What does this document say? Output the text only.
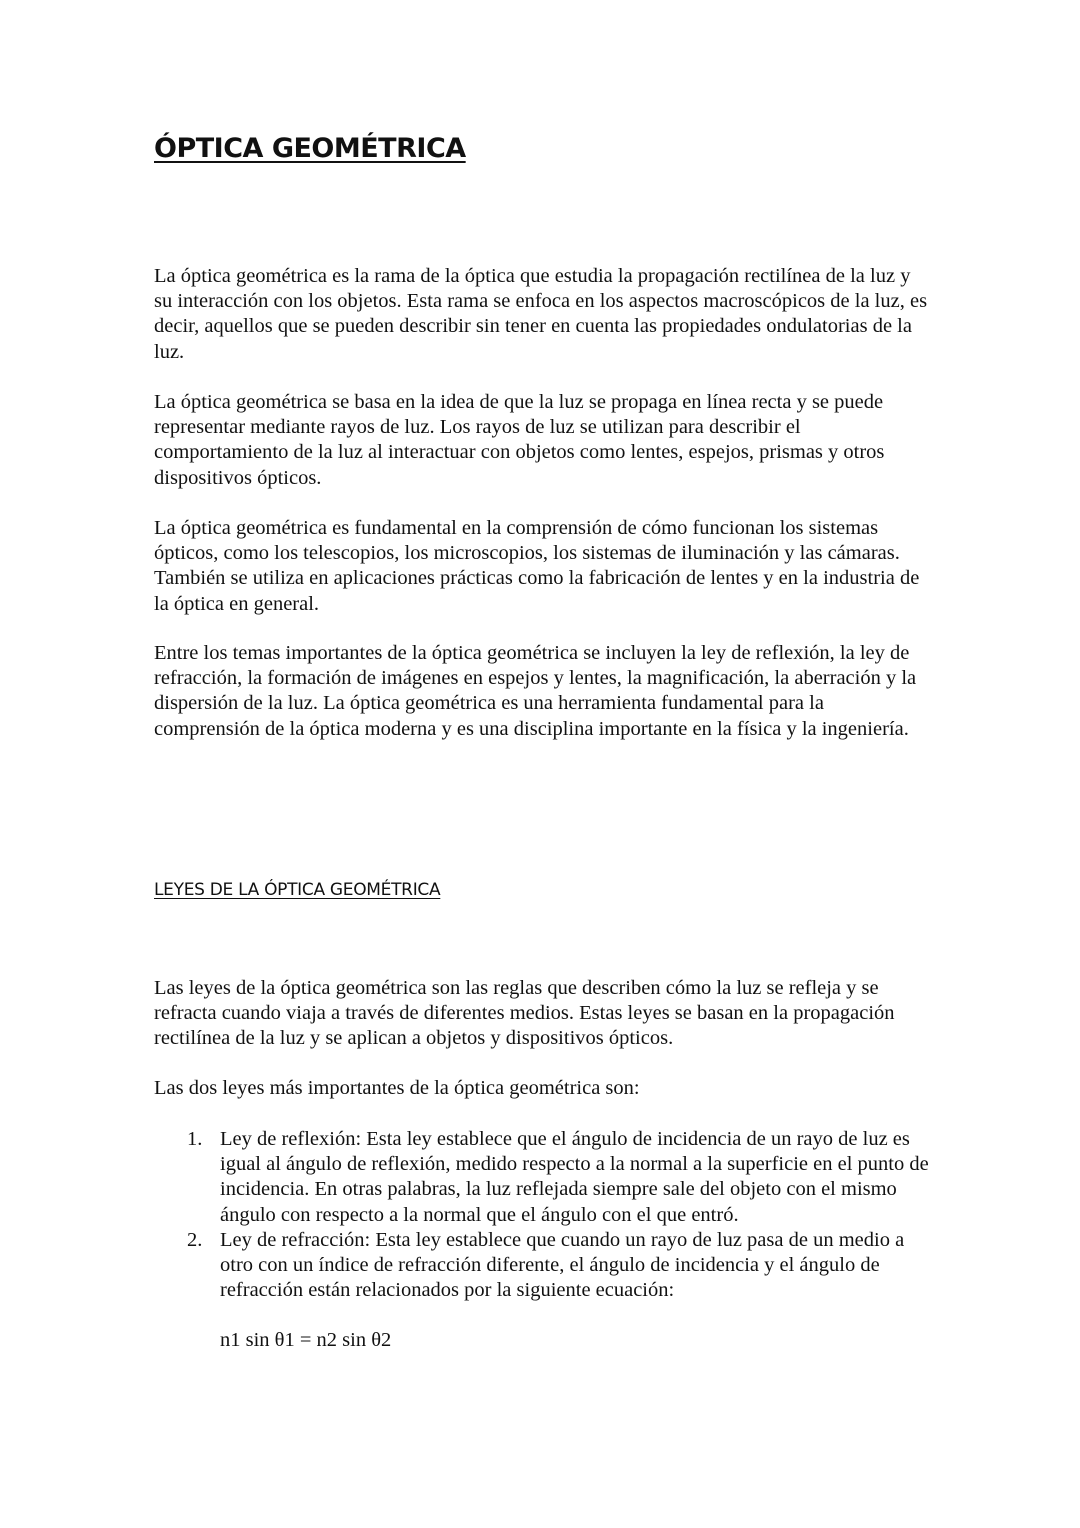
ÓPTICA GEOMÉTRICA

La óptica geométrica es la rama de la óptica que estudia la propagación rectilínea de la luz y su interacción con los objetos. Esta rama se enfoca en los aspectos macroscópicos de la luz, es decir, aquellos que se pueden describir sin tener en cuenta las propiedades ondulatorias de la luz.

La óptica geométrica se basa en la idea de que la luz se propaga en línea recta y se puede representar mediante rayos de luz. Los rayos de luz se utilizan para describir el comportamiento de la luz al interactuar con objetos como lentes, espejos, prismas y otros dispositivos ópticos.

La óptica geométrica es fundamental en la comprensión de cómo funcionan los sistemas ópticos, como los telescopios, los microscopios, los sistemas de iluminación y las cámaras. También se utiliza en aplicaciones prácticas como la fabricación de lentes y en la industria de la óptica en general.

Entre los temas importantes de la óptica geométrica se incluyen la ley de reflexión, la ley de refracción, la formación de imágenes en espejos y lentes, la magnificación, la aberración y la dispersión de la luz. La óptica geométrica es una herramienta fundamental para la comprensión de la óptica moderna y es una disciplina importante en la física y la ingeniería.

LEYES DE LA ÓPTICA GEOMÉTRICA

Las leyes de la óptica geométrica son las reglas que describen cómo la luz se refleja y se refracta cuando viaja a través de diferentes medios. Estas leyes se basan en la propagación rectilínea de la luz y se aplican a objetos y dispositivos ópticos.

Las dos leyes más importantes de la óptica geométrica son:

1. Ley de reflexión: Esta ley establece que el ángulo de incidencia de un rayo de luz es igual al ángulo de reflexión, medido respecto a la normal a la superficie en el punto de incidencia. En otras palabras, la luz reflejada siempre sale del objeto con el mismo ángulo con respecto a la normal que el ángulo con el que entró.
2. Ley de refracción: Esta ley establece que cuando un rayo de luz pasa de un medio a otro con un índice de refracción diferente, el ángulo de incidencia y el ángulo de refracción están relacionados por la siguiente ecuación:

n1 sin θ1 = n2 sin θ2
